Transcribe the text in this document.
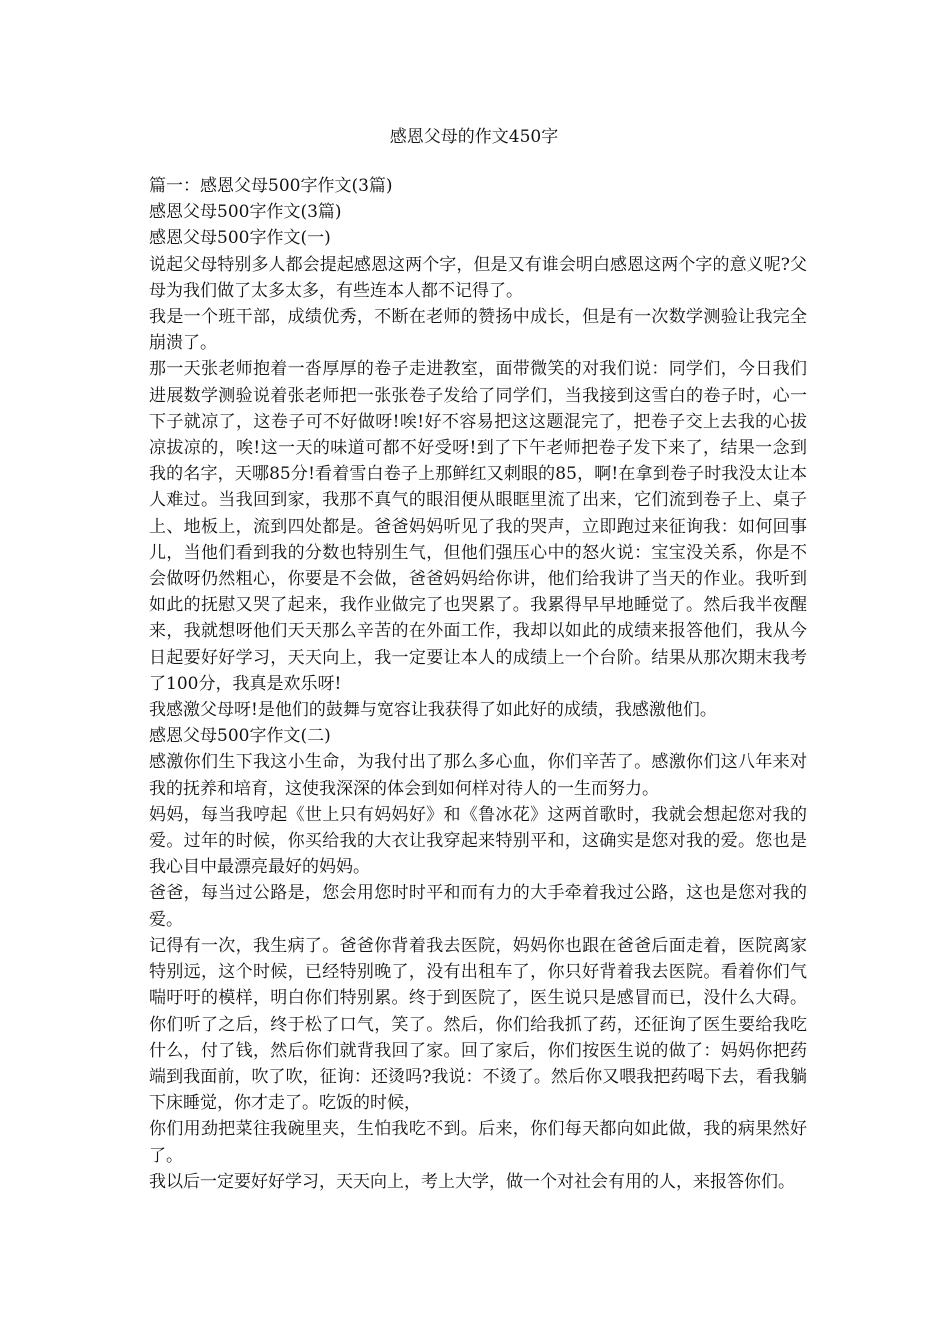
感恩父母的作文450字

篇一：感恩父母500字作文(3篇)

感恩父母500字作文(3篇)

感恩父母500字作文(一)

说起父母特别多人都会提起感恩这两个字，但是又有谁会明白感恩这两个字的意义呢?父母为我们做了太多太多，有些连本人都不记得了。

我是一个班干部，成绩优秀，不断在老师的赞扬中成长，但是有一次数学测验让我完全崩溃了。

那一天张老师抱着一沓厚厚的卷子走进教室，面带微笑的对我们说：同学们，今日我们进展数学测验说着张老师把一张张卷子发给了同学们，当我接到这雪白的卷子时，心一下子就凉了，这卷子可不好做呀!唉!好不容易把这这题混完了，把卷子交上去我的心拔凉拔凉的，唉!这一天的味道可都不好受呀!到了下午老师把卷子发下来了，结果一念到我的名字，天哪85分!看着雪白卷子上那鲜红又刺眼的85，啊!在拿到卷子时我没太让本人难过。当我回到家，我那不真气的眼泪便从眼眶里流了出来，它们流到卷子上、桌子上、地板上，流到四处都是。爸爸妈妈听见了我的哭声，立即跑过来征询我：如何回事儿，当他们看到我的分数也特别生气，但他们强压心中的怒火说：宝宝没关系，你是不会做呀仍然粗心，你要是不会做，爸爸妈妈给你讲，他们给我讲了当天的作业。我听到如此的抚慰又哭了起来，我作业做完了也哭累了。我累得早早地睡觉了。然后我半夜醒来，我就想呀他们天天那么辛苦的在外面工作，我却以如此的成绩来报答他们，我从今日起要好好学习，天天向上，我一定要让本人的成绩上一个台阶。结果从那次期末我考了100分，我真是欢乐呀!

我感激父母呀!是他们的鼓舞与宽容让我获得了如此好的成绩，我感激他们。

感恩父母500字作文(二)

感激你们生下我这小生命，为我付出了那么多心血，你们辛苦了。感激你们这八年来对我的抚养和培育，这使我深深的体会到如何样对待人的一生而努力。

妈妈，每当我哼起《世上只有妈妈好》和《鲁冰花》这两首歌时，我就会想起您对我的爱。过年的时候，你买给我的大衣让我穿起来特别平和，这确实是您对我的爱。您也是我心目中最漂亮最好的妈妈。

爸爸，每当过公路是，您会用您时时平和而有力的大手牵着我过公路，这也是您对我的爱。

记得有一次，我生病了。爸爸你背着我去医院，妈妈你也跟在爸爸后面走着，医院离家特别远，这个时候，已经特别晚了，没有出租车了，你只好背着我去医院。看着你们气喘吁吁的模样，明白你们特别累。终于到医院了，医生说只是感冒而已，没什么大碍。你们听了之后，终于松了口气，笑了。然后，你们给我抓了药，还征询了医生要给我吃什么，付了钱，然后你们就背我回了家。回了家后，你们按医生说的做了：妈妈你把药端到我面前，吹了吹，征询：还烫吗?我说：不烫了。然后你又喂我把药喝下去，看我躺下床睡觉，你才走了。吃饭的时候，

你们用劲把菜往我碗里夹，生怕我吃不到。后来，你们每天都向如此做，我的病果然好了。

我以后一定要好好学习，天天向上，考上大学，做一个对社会有用的人，来报答你们。
